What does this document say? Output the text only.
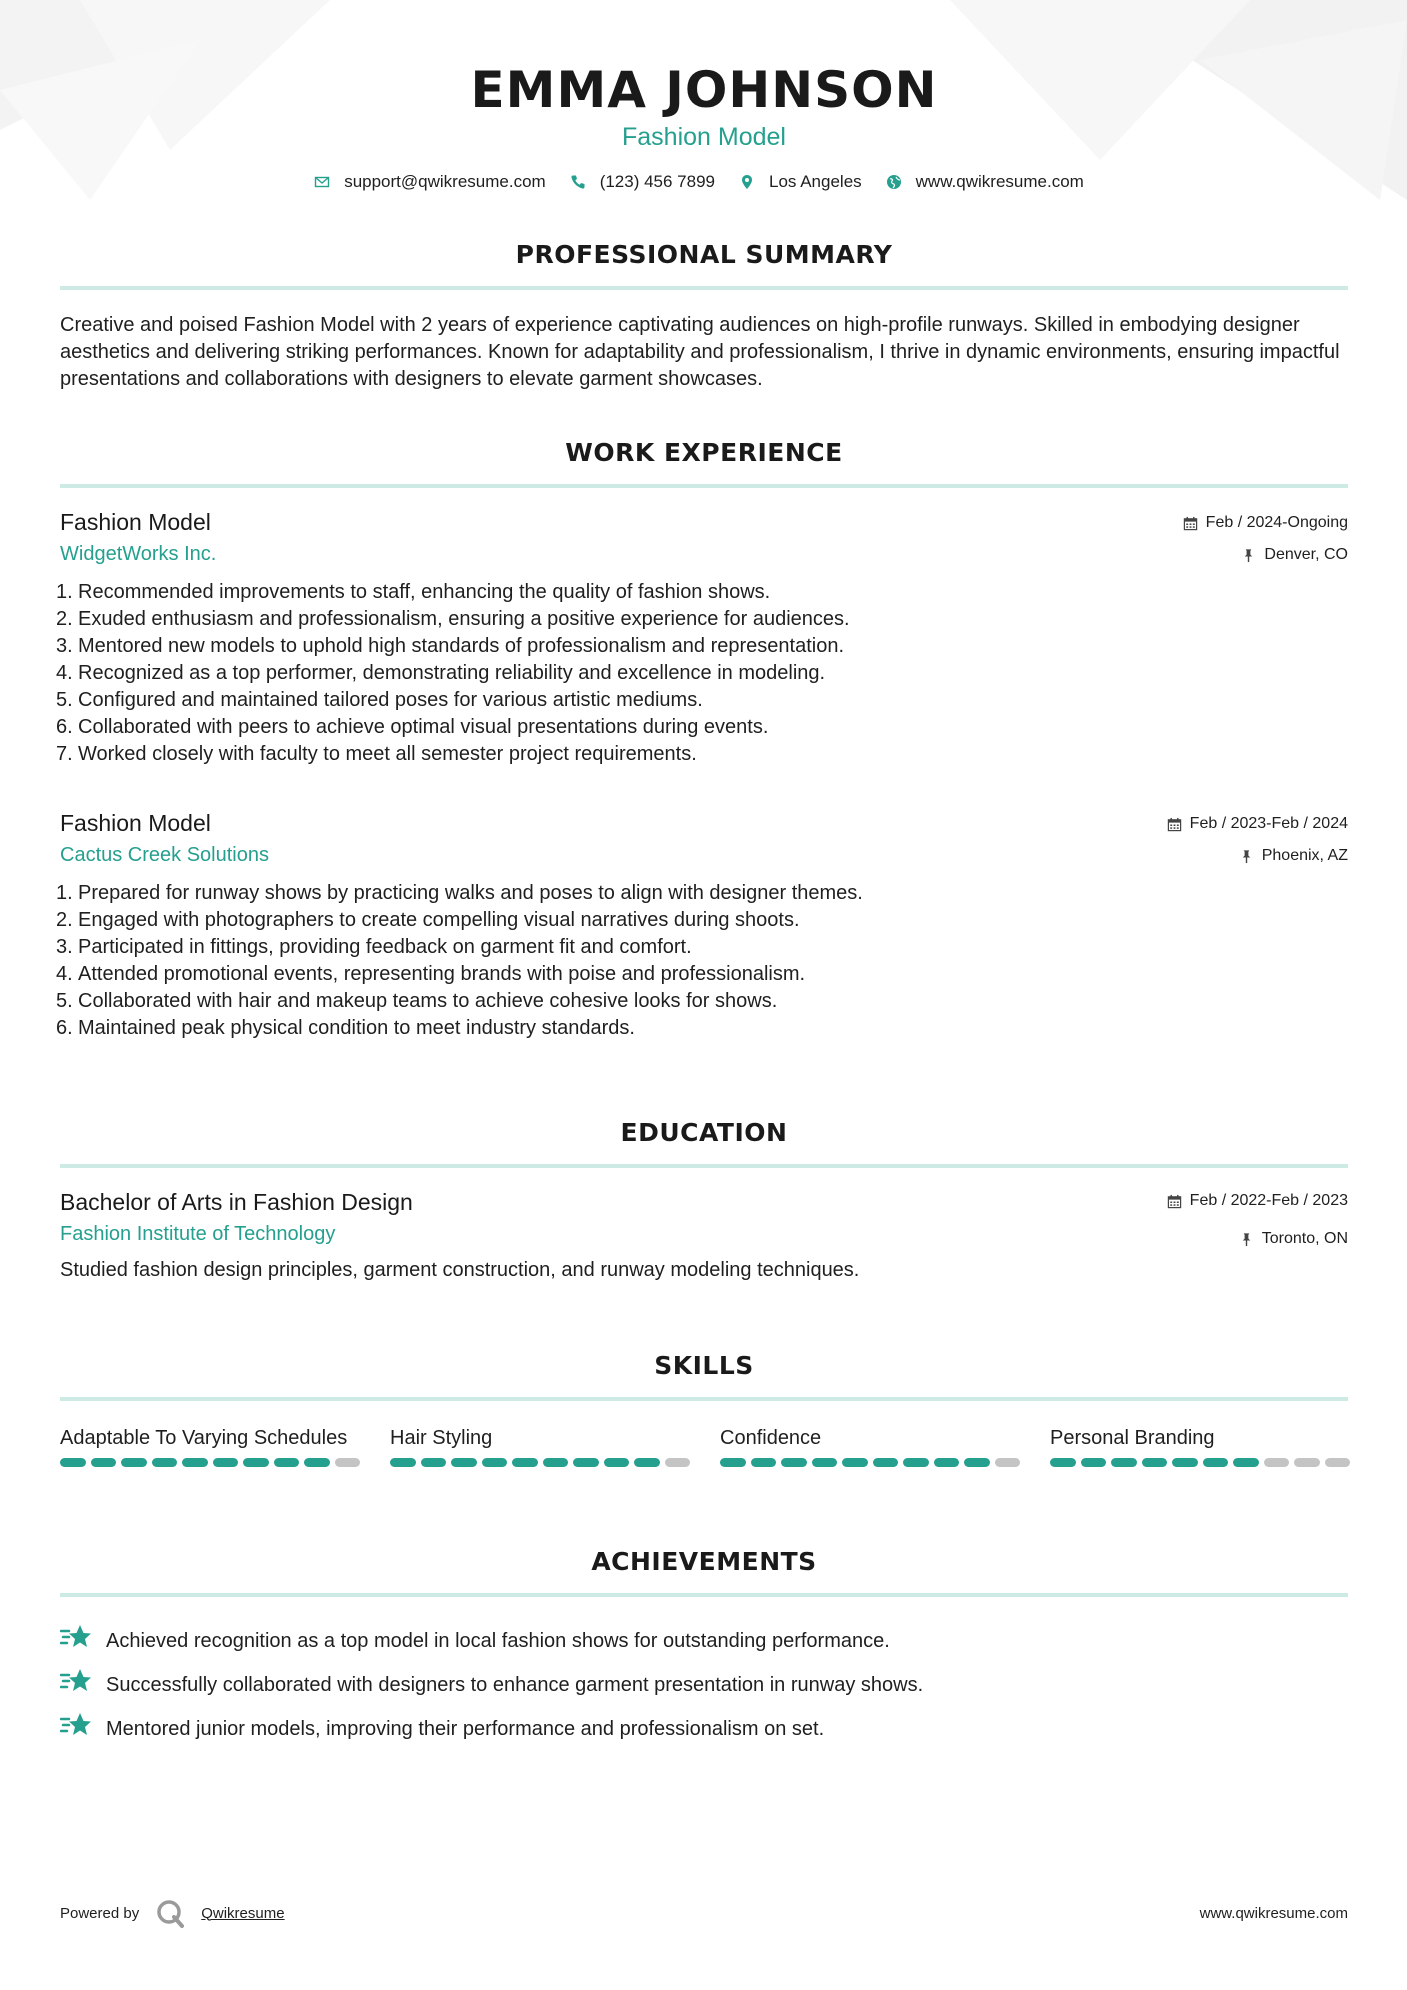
EMMA JOHNSON
Fashion Model
support@qwikresume.com	(123) 456 7899	Los Angeles	www.qwikresume.com
PROFESSIONAL SUMMARY
Creative and poised Fashion Model with 2 years of experience captivating audiences on high-profile runways. Skilled in embodying designer aesthetics and delivering striking performances. Known for adaptability and professionalism, I thrive in dynamic environments, ensuring impactful presentations and collaborations with designers to elevate garment showcases.
WORK EXPERIENCE
Fashion Model
WidgetWorks Inc.
Feb / 2024-Ongoing
Denver, CO
1. Recommended improvements to staff, enhancing the quality of fashion shows.
2. Exuded enthusiasm and professionalism, ensuring a positive experience for audiences.
3. Mentored new models to uphold high standards of professionalism and representation.
4. Recognized as a top performer, demonstrating reliability and excellence in modeling.
5. Configured and maintained tailored poses for various artistic mediums.
6. Collaborated with peers to achieve optimal visual presentations during events.
7. Worked closely with faculty to meet all semester project requirements.
Fashion Model
Cactus Creek Solutions
Feb / 2023-Feb / 2024
Phoenix, AZ
1. Prepared for runway shows by practicing walks and poses to align with designer themes.
2. Engaged with photographers to create compelling visual narratives during shoots.
3. Participated in fittings, providing feedback on garment fit and comfort.
4. Attended promotional events, representing brands with poise and professionalism.
5. Collaborated with hair and makeup teams to achieve cohesive looks for shows.
6. Maintained peak physical condition to meet industry standards.
EDUCATION
Bachelor of Arts in Fashion Design
Fashion Institute of Technology
Feb / 2022-Feb / 2023
Toronto, ON
Studied fashion design principles, garment construction, and runway modeling techniques.
SKILLS
Adaptable To Varying Schedules	Hair Styling	Confidence	Personal Branding
ACHIEVEMENTS
Achieved recognition as a top model in local fashion shows for outstanding performance.
Successfully collaborated with designers to enhance garment presentation in runway shows.
Mentored junior models, improving their performance and professionalism on set.
Powered by	Qwikresume	www.qwikresume.com
